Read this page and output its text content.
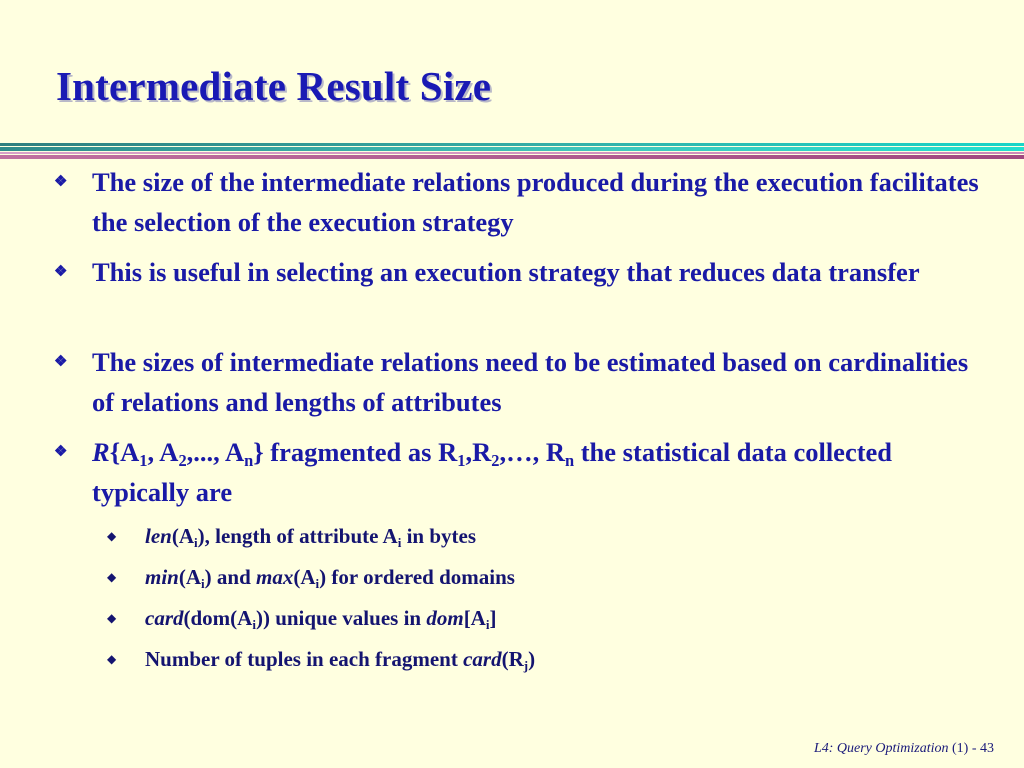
Intermediate Result Size
❖ The size of the intermediate relations produced during the execution facilitates the selection of the execution strategy
❖ This is useful in selecting an execution strategy that reduces data transfer
❖ The sizes of intermediate relations need to be estimated based on cardinalities of relations and lengths of attributes
❖ $R\{A_1$, $A_2$,..., $A_n$} fragmented as $R_1,R_2,\dots$, $R_n$ the statistical data collected typically are
◆ $len(A_i)$, length of attribute $A_i$ in bytes
◆ $\min(A_i)$ and $\max(A_i)$ for ordered domains
◆ $card(dom(A_i))$ unique values in $dom[A_i]$
◆ Number of tuples in each fragment $card(R_j)$
L4: Query Optimization (1) - 43
